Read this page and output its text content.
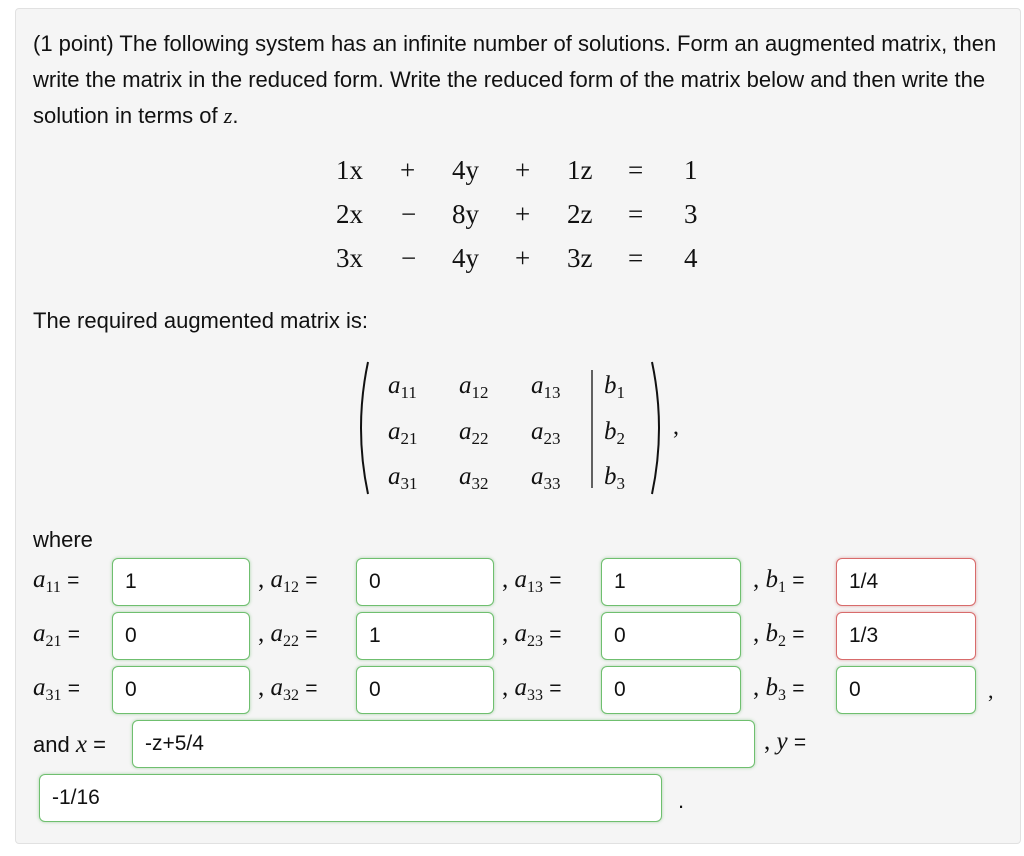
(1 point) The following system has an infinite number of solutions. Form an augmented matrix, then write the matrix in the reduced form. Write the reduced form of the matrix below and then write the solution in terms of z.
1x + 4y + 1z = 1
2x − 8y + 2z = 3
3x − 4y + 3z = 4
The required augmented matrix is:
$a_{11}$ $a_{12}$ $a_{13}$ $b_1$
$a_{21}$ $a_{22}$ $a_{23}$ $b_2$
$a_{31}$ $a_{32}$ $a_{33}$ $b_3$
,
where
$a_{11}$ =	1	, $a_{12}$ =	0	, $a_{13}$ =	1	, $b_1$ =	1/4
$a_{21}$ =	0	, $a_{22}$ =	1	, $a_{23}$ =	0	, $b_2$ =	1/3
$a_{31}$ =	0	, $a_{32}$ =	0	, $a_{33}$ =	0	, $b_3$ =	0	,
and x =	-z+5/4	, y =
-1/16	.
